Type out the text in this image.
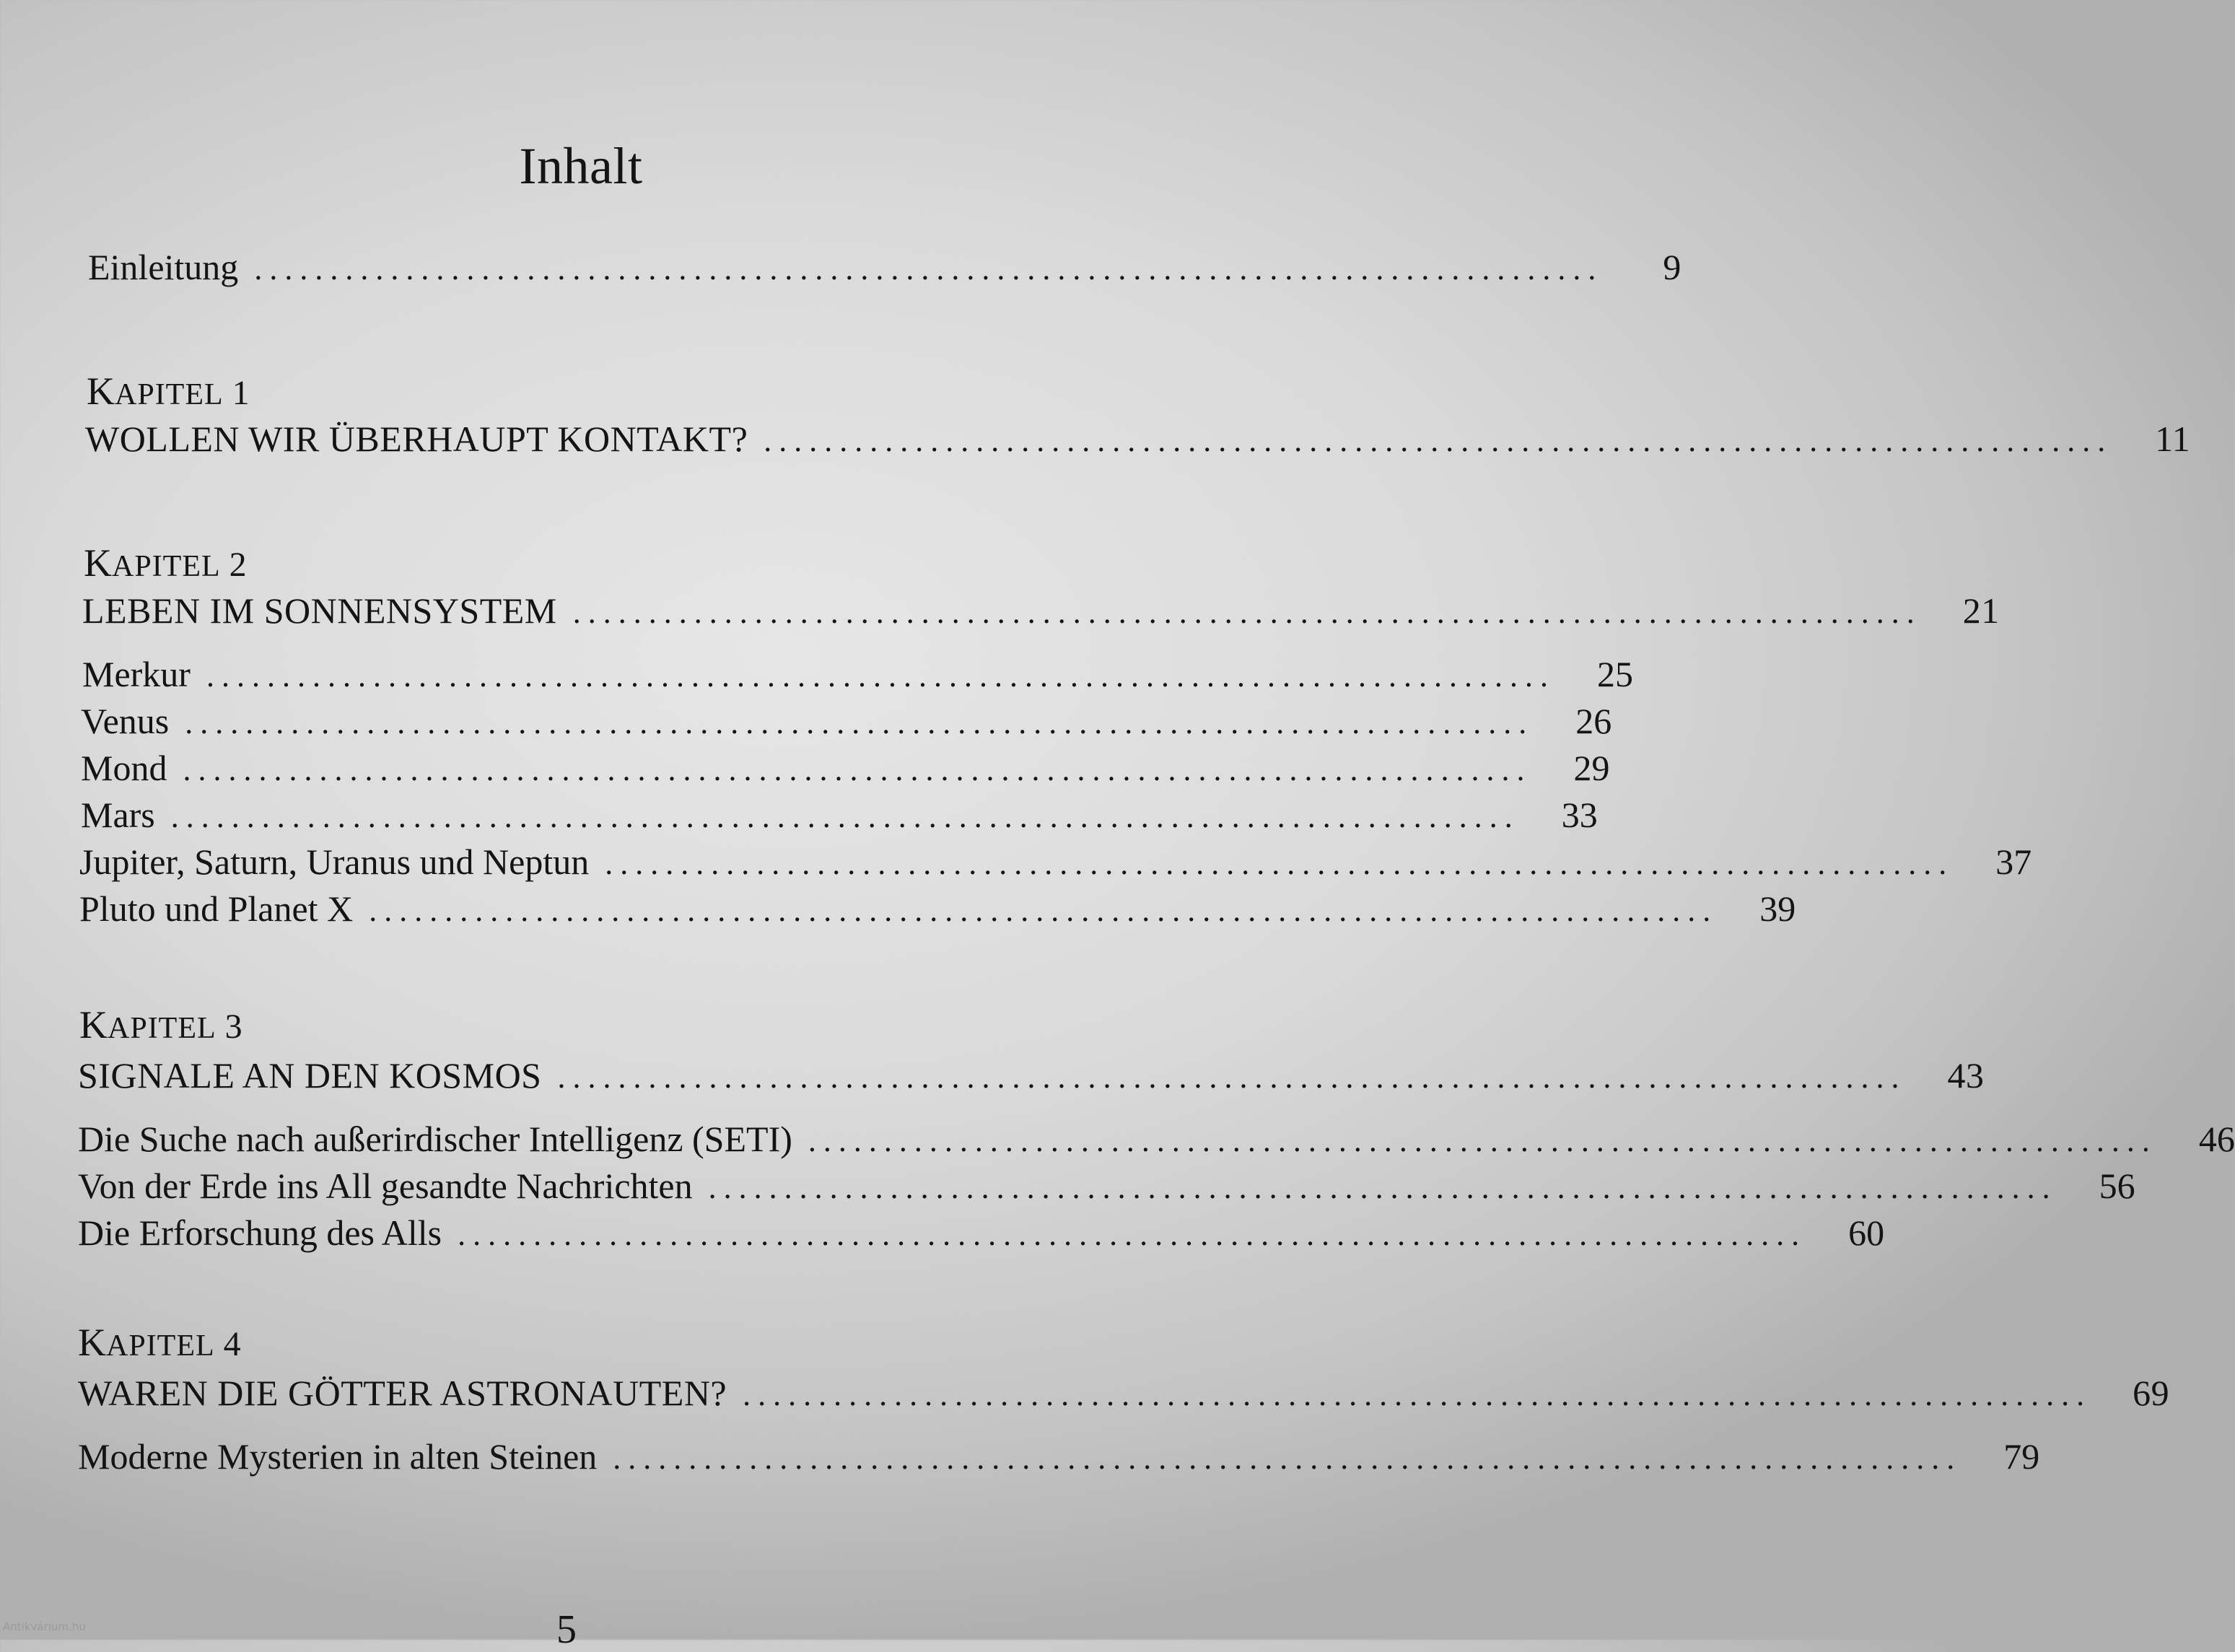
Inhalt
Einleitung .........................................................................................	9
KAPITEL 1
WOLLEN WIR ÜBERHAUPT KONTAKT? .........................................................................................	11
KAPITEL 2
LEBEN IM SONNENSYSTEM .........................................................................................	21
Merkur .........................................................................................	25
Venus .........................................................................................	26
Mond .........................................................................................	29
Mars .........................................................................................	33
Jupiter, Saturn, Uranus und Neptun .........................................................................................	37
Pluto und Planet X .........................................................................................	39
KAPITEL 3
SIGNALE AN DEN KOSMOS .........................................................................................	43
Die Suche nach außerirdischer Intelligenz (SETI) .........................................................................................	46
Von der Erde ins All gesandte Nachrichten .........................................................................................	56
Die Erforschung des Alls .........................................................................................	60
KAPITEL 4
WAREN DIE GÖTTER ASTRONAUTEN? .........................................................................................	69
Moderne Mysterien in alten Steinen .........................................................................................	79
5
Antikvárium.hu
